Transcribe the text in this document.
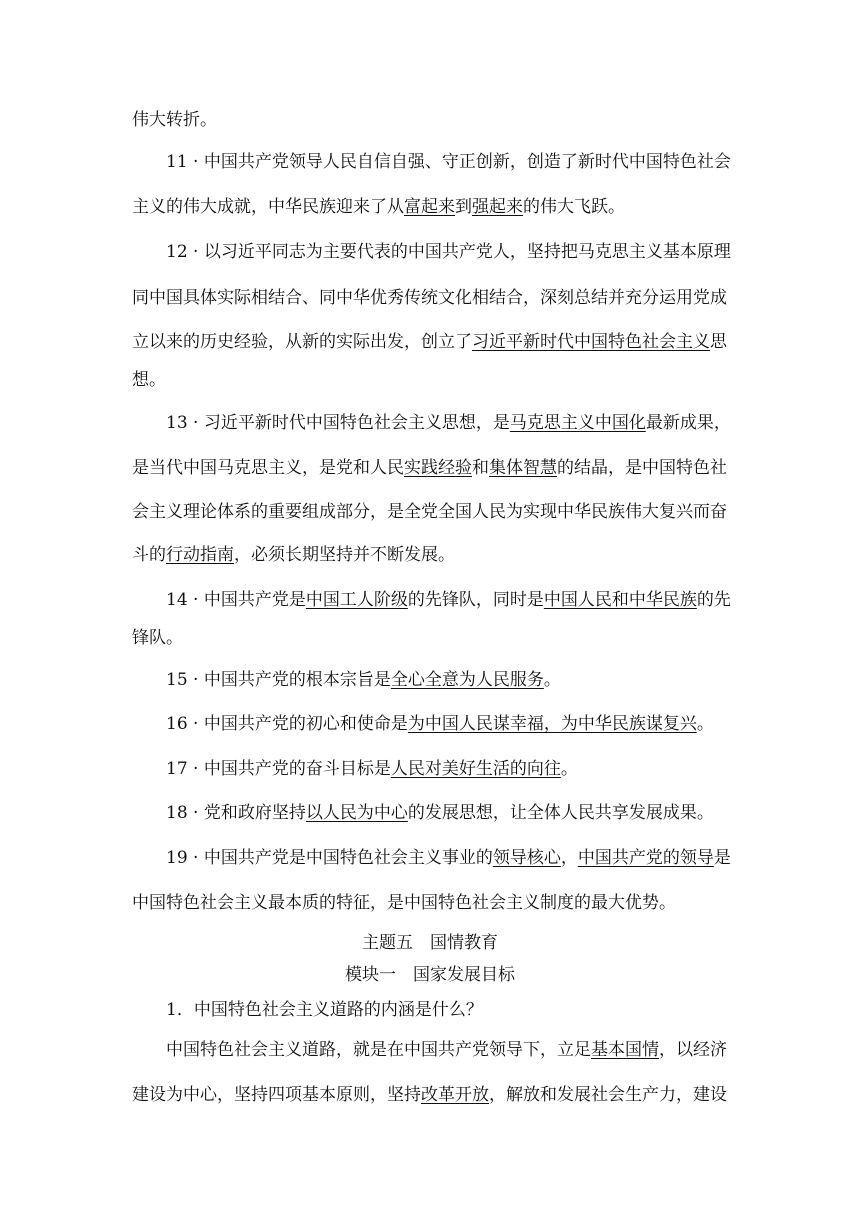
伟大转折。
11 · 中国共产党领导人民自信自强、守正创新，创造了新时代中国特色社会
主义的伟大成就，中华民族迎来了从富起来到强起来的伟大飞跃。
12 · 以习近平同志为主要代表的中国共产党人，坚持把马克思主义基本原理
同中国具体实际相结合、同中华优秀传统文化相结合，深刻总结并充分运用党成
立以来的历史经验，从新的实际出发，创立了习近平新时代中国特色社会主义思
想。
13 · 习近平新时代中国特色社会主义思想，是马克思主义中国化最新成果，
是当代中国马克思主义，是党和人民实践经验和集体智慧的结晶，是中国特色社
会主义理论体系的重要组成部分，是全党全国人民为实现中华民族伟大复兴而奋
斗的行动指南，必须长期坚持并不断发展。
14 · 中国共产党是中国工人阶级的先锋队，同时是中国人民和中华民族的先
锋队。
15 · 中国共产党的根本宗旨是全心全意为人民服务。
16 · 中国共产党的初心和使命是为中国人民谋幸福，为中华民族谋复兴。
17 · 中国共产党的奋斗目标是人民对美好生活的向往。
18 · 党和政府坚持以人民为中心的发展思想，让全体人民共享发展成果。
19 · 中国共产党是中国特色社会主义事业的领导核心，中国共产党的领导是
中国特色社会主义最本质的特征，是中国特色社会主义制度的最大优势。
主题五　国情教育
模块一　国家发展目标
1．中国特色社会主义道路的内涵是什么？
中国特色社会主义道路，就是在中国共产党领导下，立足基本国情，以经济
建设为中心，坚持四项基本原则，坚持改革开放，解放和发展社会生产力，建设
